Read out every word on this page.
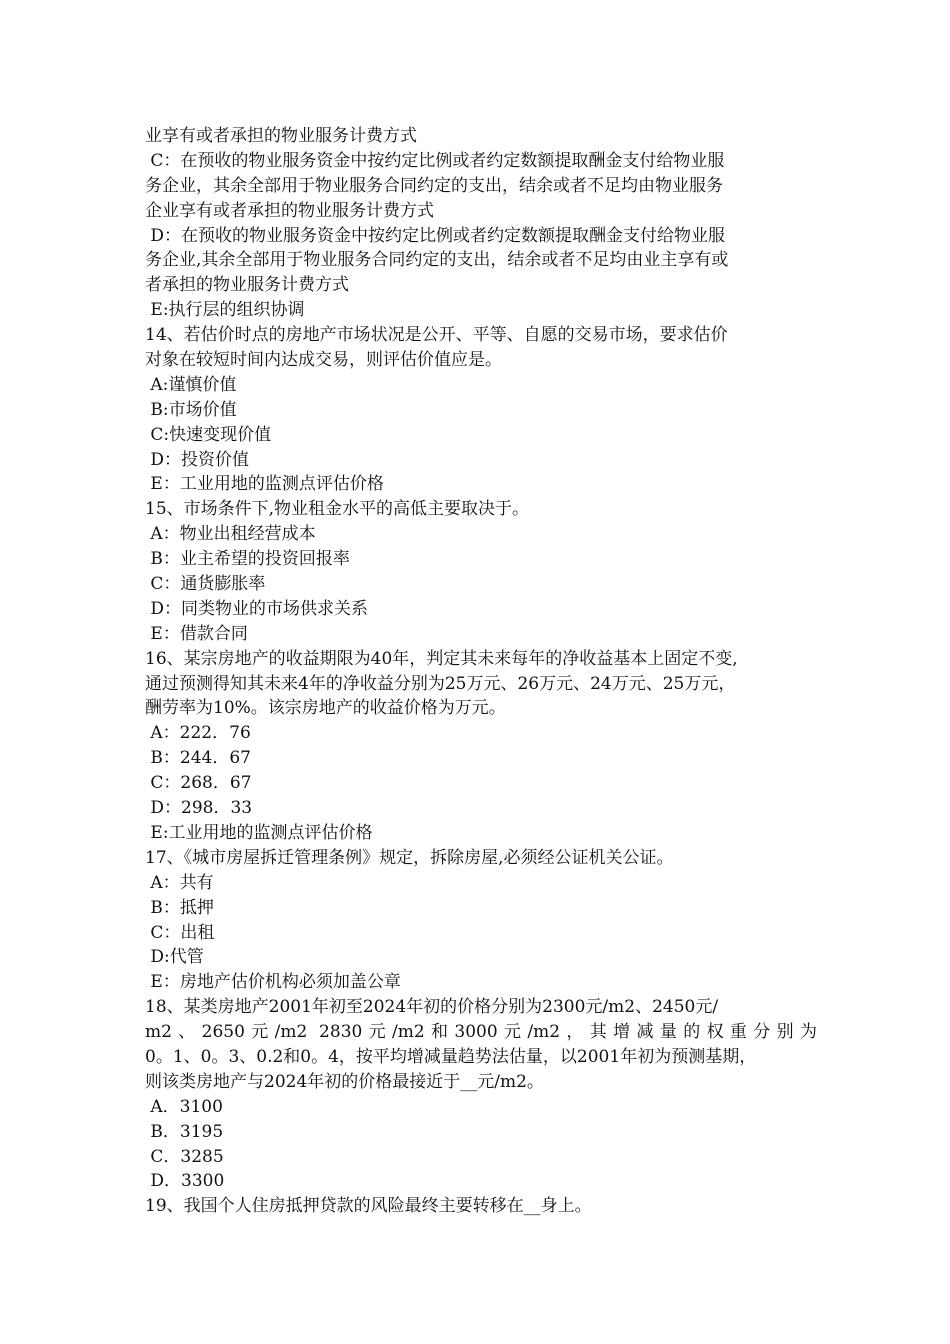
业享有或者承担的物业服务计费方式
C：在预收的物业服务资金中按约定比例或者约定数额提取酬金支付给物业服
务企业，其余全部用于物业服务合同约定的支出，结余或者不足均由物业服务
企业享有或者承担的物业服务计费方式
D：在预收的物业服务资金中按约定比例或者约定数额提取酬金支付给物业服
务企业,其余全部用于物业服务合同约定的支出，结余或者不足均由业主享有或
者承担的物业服务计费方式
E:执行层的组织协调
14、若估价时点的房地产市场状况是公开、平等、自愿的交易市场，要求估价
对象在较短时间内达成交易，则评估价值应是。
A:谨慎价值
B:市场价值
C:快速变现价值
D：投资价值
E：工业用地的监测点评估价格
15、市场条件下,物业租金水平的高低主要取决于。
A：物业出租经营成本
B：业主希望的投资回报率
C：通货膨胀率
D：同类物业的市场供求关系
E：借款合同
16、某宗房地产的收益期限为40年，判定其未来每年的净收益基本上固定不变,
通过预测得知其未来4年的净收益分别为25万元、26万元、24万元、25万元，
酬劳率为10%。该宗房地产的收益价格为万元。
A：222．76
B：244．67
C：268．67
D：298．33
E:工业用地的监测点评估价格
17、《城市房屋拆迁管理条例》规定，拆除房屋,必须经公证机关公证。
A：共有
B：抵押
C：出租
D:代管
E：房地产估价机构必须加盖公章
18、某类房地产2001年初至2024年初的价格分别为2300元/m2、2450元/
m2、2650元/m2 2830元/m2和3000元/m2，其增减量的权重分别为
0。1、0。3、0.2和0。4，按平均增减量趋势法估量，以2001年初为预测基期，
则该类房地产与2024年初的价格最接近于__元/m2。
A．3100
B．3195
C．3285
D．3300
19、我国个人住房抵押贷款的风险最终主要转移在__身上。
